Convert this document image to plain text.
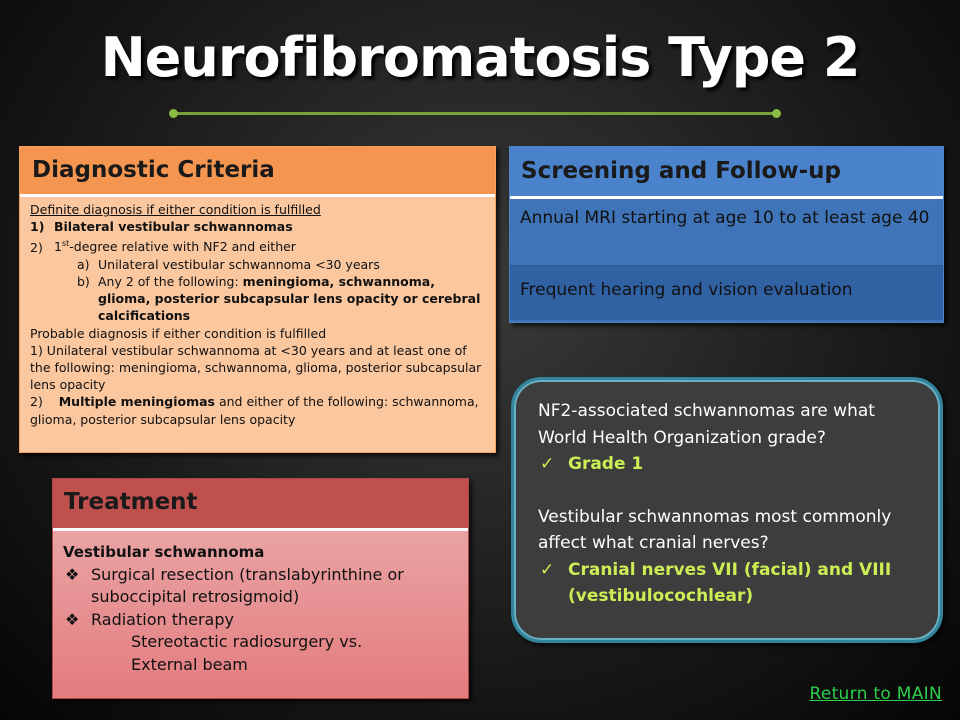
Neurofibromatosis Type 2
Diagnostic Criteria
Definite diagnosis if either condition is fulfilled
1) Bilateral vestibular schwannomas
2) 1st-degree relative with NF2 and either
a) Unilateral vestibular schwannoma <30 years
b) Any 2 of the following: meningioma, schwannoma, glioma, posterior subcapsular lens opacity or cerebral calcifications
Probable diagnosis if either condition is fulfilled
1) Unilateral vestibular schwannoma at <30 years and at least one of the following: meningioma, schwannoma, glioma, posterior subcapsular lens opacity
2)    Multiple meningiomas and either of the following: schwannoma, glioma, posterior subcapsular lens opacity
Screening and Follow-up
Annual MRI starting at age 10 to at least age 40
Frequent hearing and vision evaluation
NF2-associated schwannomas are what World Health Organization grade?
✓ Grade 1
Vestibular schwannomas most commonly affect what cranial nerves?
✓ Cranial nerves VII (facial) and VIII (vestibulocochlear)
Treatment
Vestibular schwannoma
❖ Surgical resection (translabyrinthine or suboccipital retrosigmoid)
❖ Radiation therapy
Stereotactic radiosurgery vs.
External beam
Return to MAIN
